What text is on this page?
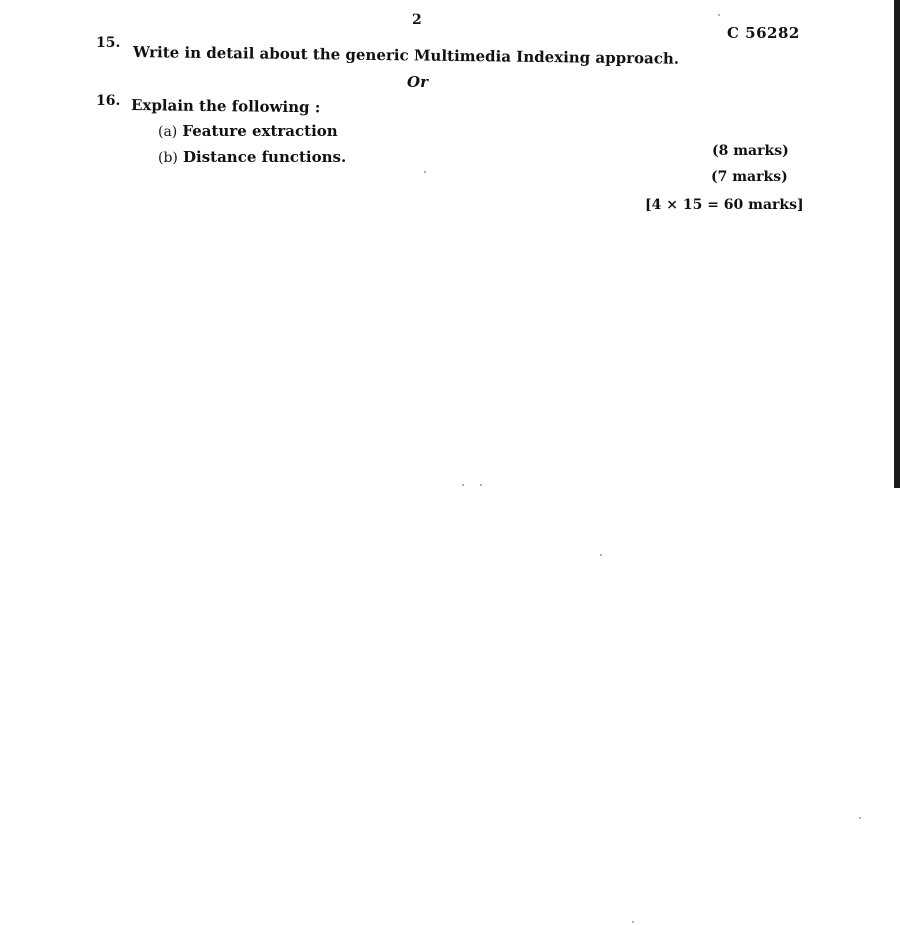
2
C 56282
15.
Write in detail about the generic Multimedia Indexing approach.
Or
16. Explain the following :
(a) Feature extraction
(b) Distance functions.	(8 marks)
(7 marks)
[4 × 15 = 60 marks]
